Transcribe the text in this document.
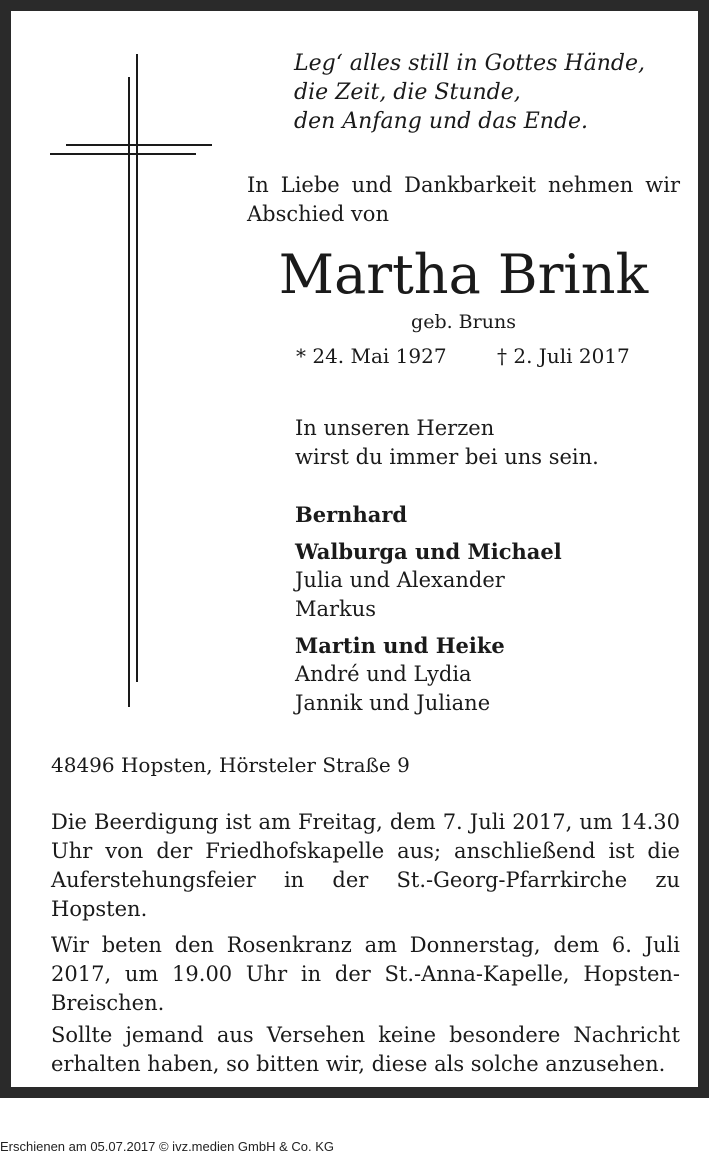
Leg‘ alles still in Gottes Hände,
die Zeit, die Stunde,
den Anfang und das Ende.
In Liebe und Dankbarkeit nehmen wir Abschied von
Martha Brink
geb. Bruns
* 24. Mai 1927	† 2. Juli 2017
In unseren Herzen
wirst du immer bei uns sein.
Bernhard
Walburga und Michael
Julia und Alexander
Markus
Martin und Heike
André und Lydia
Jannik und Juliane
48496 Hopsten, Hörsteler Straße 9
Die Beerdigung ist am Freitag, dem 7. Juli 2017, um 14.30 Uhr von der Friedhofskapelle aus; anschließend ist die Auferstehungsfeier in der St.-Georg-Pfarrkirche zu Hopsten.
Wir beten den Rosenkranz am Donnerstag, dem 6. Juli 2017, um 19.00 Uhr in der St.-Anna-Kapelle, Hopsten-Breischen.
Sollte jemand aus Versehen keine besondere Nachricht erhalten haben, so bitten wir, diese als solche anzusehen.
Erschienen am 05.07.2017 © ivz.medien GmbH & Co. KG
